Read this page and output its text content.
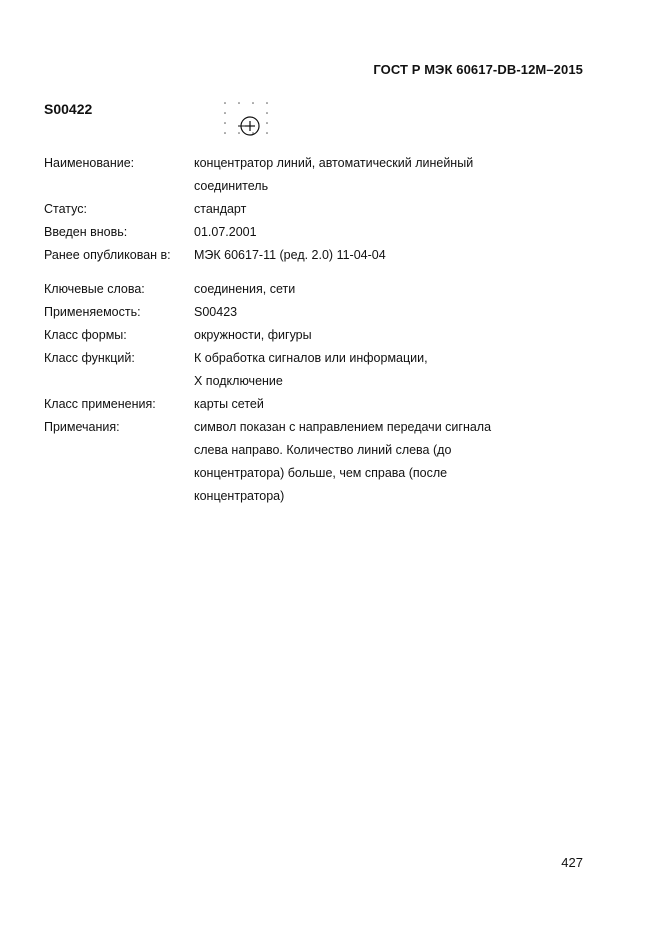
ГОСТ Р МЭК 60617-DB-12M–2015
S00422
Наименование:	концентратор линий, автоматический линейный
соединитель
Статус:	стандарт
Введен вновь:	01.07.2001
Ранее опубликован в:	МЭК 60617-11 (ред. 2.0) 11-04-04
Ключевые слова:	соединения, сети
Применяемость:	S00423
Класс формы:	окружности, фигуры
Класс функций:	К обработка сигналов или информации,
X подключение
Класс применения:	карты сетей
Примечания:	символ показан с направлением передачи сигнала
слева направо. Количество линий слева (до
концентратора) больше, чем справа (после
концентратора)
427
